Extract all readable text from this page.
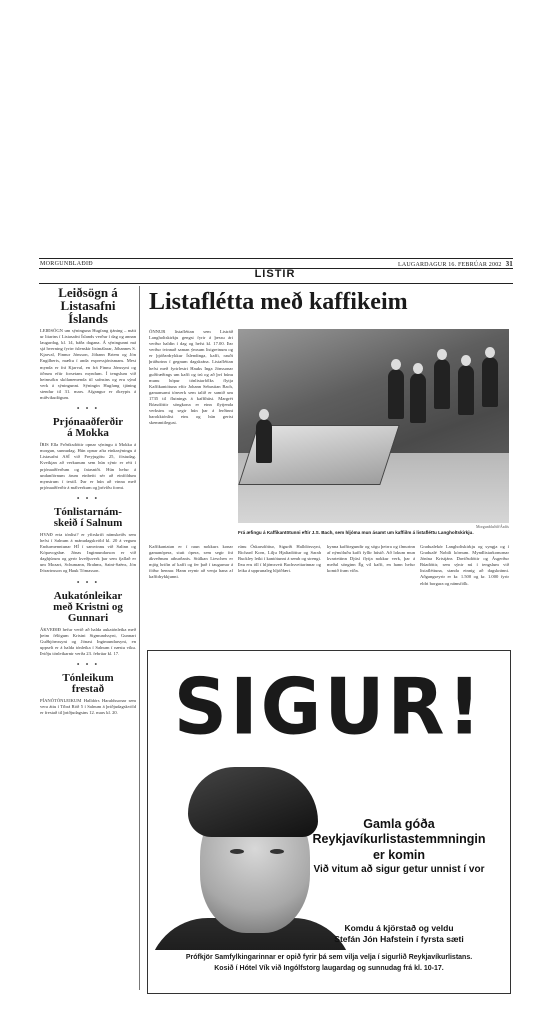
MORGUNBLAÐIÐ	LAUGARDAGUR 16. FEBRÚAR 2002 31
LISTIR
Leiðsögn á
Listasafni
Íslands

LEIÐSÖGN um sýninguna Hugfang tjáning – mátt ur litarins í Listasafni Íslands verður í dag og annan laugardag, kl. 14, báða dagana. Á sýningunni má sjá hverning fyrirr íslenskir listmálarar, Jóhannes S. Kjarval, Finnur Jónsson, Jóhann Briem og Jón Engilberts, mæltu í anda expressjónismans. Mest mynda er frá Kjarval, en frá Finnu Jónssyni og öðrum eftir forsetans myndum. Í tengslum við heimsókn skólanemenda til safnsins og eru sýnd verk á sýningunni. Sýningin Hugfang tjáning stendur til 31. mars. Afgangur er ókeypis á miðvikudögum.

• • •
Prjónaaðferðir
á Mokka

ÍRIS Ella Frðriksdóttir opnar sýningu á Mokka á morgun, sunnudag. Hún opnar afta einkasýningu á Listasafni ASÍ við Freyjugötu 25, föstudag. Kveikjan að verkunum sem hún sýnir er rétt í prjónaaðferðum og fatasniði. Hún hefur á undanförnum árum einbeitt sér að einföldum mynstrum í textíl. Þar er hún að vinna með prjónaaðferðir á málverkum og þrívíðu formi.

• • •
Tónlistarnám-
skeið í Salnum

HVAÐ erta tónlist? er yfirskrift námskeiðs sem hefst í Salnum á mánudagskvöld kl. 20 á vegum Endurmenntunar HÍ í samvinnu við Salinn og Kópavogsbæ. Jónas Ingimundarson er við daghjúrum og gerir kveðjuverk þar sem fjallað er um Mozart, Schumann, Brahms, Saint-Saëns, Jón Þórarinsson og Hauk Tómasson.

• • •
Aukatónleikar
með Kristni og
Gunnari

ÁKVEÐIÐ hefur verið að halda aukatónleika með þeim félögum Kristni Sigmundssyni, Gunnari Guðbjörnssyni og Jónasi Ingimundarsyni, en uppselt er á halda tónleika í Salnum í næstu viku. Þriðju tónleikarnir verða 23. febrúar kl. 17.

• • •
Tónleikum
frestað

PÍANÓTÓNLEIKUM Halldórs Haraldssonar sem vera áttu í Tíbrá Röð 5 í Salnum á þriðjudagskvöld er frestað til þriðjudagsins 12. mars kl. 20.

Listafléttа með kaffikeim
ÖNNUR listafléttan sem Listráð Langholtskirkju gengst fyrir á þessu ári verður haldin í dag og hefst kl. 17.00. Þar verður tvinnað saman ýmsum listgreinum og er þjóðardrykkur Íslendinga, kaffi, rauði þráðurinn í gegnum dagskrána. Listafléttan hefst með fyrirlestri Hauks Inga Jónssonar guðfræðings um kaffi og trú og að því búnu munu hópur tónlistarfólks flytja Kaffikantötuna eftir Johann Sebastian Bach, gamansamt tónverk sem talið er samið um 1735 til flutnings á kaffihúsi. Margrét Bóasdóttir söngkona er einn flytjenda verksins og segir hún þar á ferðinni barokktónlist eins og hún gerist skemmtilegust.
Morgunblaðið/Ásdís
Frá æfingu á Kaffikantötunni eftir J.S. Bach, sem hljóma mun ásamt um kaffiilm á listafléttu Langholtskirkju.
Kaffikantatan er í raun nokkurs konar gamanópera, stutt ópera, sem segir frá ákveðnum atburðarás. Stúlkan Lieschen er mjög hrifin af kaffi og fer það í taugarnar á föður hennar. Hann reynir að venja hana af kaffidrykkjunni.
rúnu Óskarsdóttur, Sigurði Halldórssyni, Richard Korn, Lilju Hjaltadóttur og Sarah Buckley leiki í kantötunni á semb og strengi. Þau eru öll í hljómsveit Bachsveitarinnar og leika á upprunaleg hljóðfæri.
kynna kaffitegundir og sögu þeirra og ilmurinn af nýmöluðu kaffi fyllir húsið. Að lokum mun kvartettinn Djúsí flytja nokkur verk, þar á meðal sönginn Ég vil kaffi, en hann hefur komið fram víða.
Gradualekór Langholtskirkju og syngja og í Gradualé Nobili kórnum. Myndlistarkonurnar Jónína Kristjáns Davíðsdóttir og Ásgerður Búadóttir, sem sýnir nú í tengslum við listafléttuna, standa einnig að dagskránni. Aðgangseyrir er kr. 1.500 og kr. 1.000 fyrir eldri borgara og námsfólk.
SIGUR!
Gamla góða
Reykjavíkurlistastemmningin
er komin
Við vitum að sigur getur unnist í vor
Komdu á kjörstað og veldu
Stefán Jón Hafstein í fyrsta sæti
Prófkjör Samfylkingarinnar er opið fyrir þá sem vilja velja í sigurlið Reykjavíkurlistans.
Kosið í Hótel Vík við Ingólfstorg laugardag og sunnudag frá kl. 10-17.
